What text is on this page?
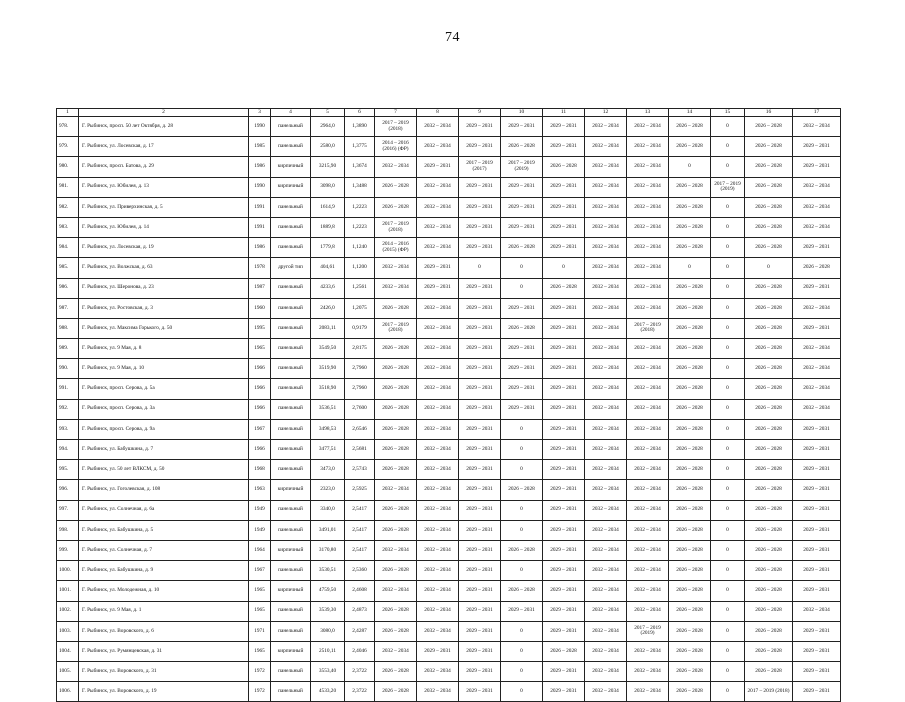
74
1	2	3	4	5	6	7	8	9	10	11	12	13	14	15	16	17
978.	Г. Рыбинск, просп. 50 лет Октября, д. 28	1990	панельный	2964,0	1,3890	2017 – 2019 (2018)	2032 – 2034	2029 – 2031	2029 – 2031	2029 – 2031	2032 – 2034	2032 – 2034	2026 – 2028	0	2026 – 2028	2032 – 2034
979.	Г. Рыбинск, ул. Лосевская, д. 17	1985	панельный	2580,0	1,3775	2014 – 2016 (2016) (ФР)	2032 – 2034	2029 – 2031	2026 – 2028	2029 – 2031	2032 – 2034	2032 – 2034	2026 – 2028	0	2026 – 2028	2029 – 2031
980.	Г. Рыбинск, просп. Батова, д. 29	1986	кирпичный	3215,90	1,3674	2032 – 2034	2029 – 2031	2017 – 2019 (2017)	2017 – 2019 (2019)	2026 – 2028	2032 – 2034	2032 – 2034	0	0	2026 – 2028	2029 – 2031
981.	Г. Рыбинск, ул. Юбилея, д. 13	1990	кирпичный	3098,0	1,3488	2026 – 2028	2032 – 2034	2029 – 2031	2029 – 2031	2029 – 2031	2032 – 2034	2032 – 2034	2026 – 2028	2017 – 2019 (2019)	2026 – 2028	2032 – 2034
982.	Г. Рыбинск, ул. Приверхинская, д. 5	1991	панельный	1614,9	1,2223	2026 – 2028	2032 – 2034	2029 – 2031	2029 – 2031	2029 – 2031	2032 – 2034	2032 – 2034	2026 – 2028	0	2026 – 2028	2032 – 2034
983.	Г. Рыбинск, ул. Юбилея, д. 14	1991	панельный	1889,8	1,2223	2017 – 2019 (2018)	2032 – 2034	2029 – 2031	2029 – 2031	2029 – 2031	2032 – 2034	2032 – 2034	2026 – 2028	0	2026 – 2028	2032 – 2034
984.	Г. Рыбинск, ул. Лосевская, д. 19	1986	панельный	1779,8	1,1240	2014 – 2016 (2015) (ФР)	2032 – 2034	2029 – 2031	2026 – 2028	2029 – 2031	2032 – 2034	2032 – 2034	2026 – 2028	0	2026 – 2028	2029 – 2031
985.	Г. Рыбинск, ул. Волжская, д. 63	1978	другой тип	404,61	1,1200	2032 – 2034	2029 – 2031	0	0	0	2032 – 2034	2032 – 2034	0	0	0	2026 – 2028
986.	Г. Рыбинск, ул. Шеронова, д. 23	1987	панельный	4233,6	1,2561	2032 – 2034	2029 – 2031	2029 – 2031	0	2026 – 2028	2032 – 2034	2032 – 2034	2026 – 2028	0	2026 – 2028	2029 – 2031
987.	Г. Рыбинск, ул. Ростовская, д. 3	1960	панельный	2426,0	1,2075	2026 – 2028	2032 – 2034	2029 – 2031	2029 – 2031	2029 – 2031	2032 – 2034	2032 – 2034	2026 – 2028	0	2026 – 2028	2032 – 2034
988.	Г. Рыбинск, ул. Максима Горького, д. 50	1995	панельный	2083,11	0,9179	2017 – 2019 (2018)	2032 – 2034	2029 – 2031	2026 – 2028	2029 – 2031	2032 – 2034	2017 – 2019 (2018)	2026 – 2028	0	2026 – 2028	2029 – 2031
989.	Г. Рыбинск, ул. 9 Мая, д. 8	1965	панельный	3549,50	2,8175	2026 – 2028	2032 – 2034	2029 – 2031	2029 – 2031	2029 – 2031	2032 – 2034	2032 – 2034	2026 – 2028	0	2026 – 2028	2032 – 2034
990.	Г. Рыбинск, ул. 9 Мая, д. 10	1966	панельный	3519,90	2,7960	2026 – 2028	2032 – 2034	2029 – 2031	2029 – 2031	2029 – 2031	2032 – 2034	2032 – 2034	2026 – 2028	0	2026 – 2028	2032 – 2034
991.	Г. Рыбинск, просп. Серова, д. 5а	1966	панельный	3518,90	2,7960	2026 – 2028	2032 – 2034	2029 – 2031	2029 – 2031	2029 – 2031	2032 – 2034	2032 – 2034	2026 – 2028	0	2026 – 2028	2032 – 2034
992.	Г. Рыбинск, просп. Серова, д. 3а	1966	панельный	3536,51	2,7600	2026 – 2028	2032 – 2034	2029 – 2031	2029 – 2031	2029 – 2031	2032 – 2034	2032 – 2034	2026 – 2028	0	2026 – 2028	2032 – 2034
993.	Г. Рыбинск, просп. Серова, д. 9а	1967	панельный	3498,53	2,6546	2026 – 2028	2032 – 2034	2029 – 2031	0	2029 – 2031	2032 – 2034	2032 – 2034	2026 – 2028	0	2026 – 2028	2029 – 2031
994.	Г. Рыбинск, ул. Бабушкина, д. 7	1966	панельный	3477,51	2,5681	2026 – 2028	2032 – 2034	2029 – 2031	0	2029 – 2031	2032 – 2034	2032 – 2034	2026 – 2028	0	2026 – 2028	2029 – 2031
995.	Г. Рыбинск, ул. 50 лет ВЛКСМ, д. 50	1968	панельный	3473,0	2,5743	2026 – 2028	2032 – 2034	2029 – 2031	0	2029 – 2031	2032 – 2034	2032 – 2034	2026 – 2028	0	2026 – 2028	2029 – 2031
996.	Г. Рыбинск, ул. Гоголевская, д. 108	1963	кирпичный	2323,0	2,5925	2032 – 2034	2032 – 2034	2029 – 2031	2026 – 2028	2029 – 2031	2032 – 2034	2032 – 2034	2026 – 2028	0	2026 – 2028	2029 – 2031
997.	Г. Рыбинск, ул. Солнечная, д. 6а	1949	панельный	3340,0	2,5417	2026 – 2028	2032 – 2034	2029 – 2031	0	2029 – 2031	2032 – 2034	2032 – 2034	2026 – 2028	0	2026 – 2028	2029 – 2031
998.	Г. Рыбинск, ул. Бабушкина, д. 5	1949	панельный	3491,01	2,5417	2026 – 2028	2032 – 2034	2029 – 2031	0	2029 – 2031	2032 – 2034	2032 – 2034	2026 – 2028	0	2026 – 2028	2029 – 2031
999.	Г. Рыбинск, ул. Солнечная, д. 7	1964	кирпичный	3170,80	2,5417	2032 – 2034	2032 – 2034	2029 – 2031	2026 – 2028	2029 – 2031	2032 – 2034	2032 – 2034	2026 – 2028	0	2026 – 2028	2029 – 2031
1000.	Г. Рыбинск, ул. Бабушкина, д. 9	1967	панельный	3530,51	2,5360	2026 – 2028	2032 – 2034	2029 – 2031	0	2029 – 2031	2032 – 2034	2032 – 2034	2026 – 2028	0	2026 – 2028	2029 – 2031
1001.	Г. Рыбинск, ул. Молодежная, д. 10	1965	кирпичный	4759,50	2,4608	2032 – 2034	2032 – 2034	2029 – 2031	2026 – 2028	2029 – 2031	2032 – 2034	2032 – 2034	2026 – 2028	0	2026 – 2028	2029 – 2031
1002.	Г. Рыбинск, ул. 9 Мая, д. 1	1965	панельный	3539,30	2,4873	2026 – 2028	2032 – 2034	2029 – 2031	2029 – 2031	2029 – 2031	2032 – 2034	2032 – 2034	2026 – 2028	0	2026 – 2028	2032 – 2034
1003.	Г. Рыбинск, ул. Воровского, д. 6	1971	панельный	3080,0	2,4287	2026 – 2028	2032 – 2034	2029 – 2031	0	2029 – 2031	2032 – 2034	2017 – 2019 (2019)	2026 – 2028	0	2026 – 2028	2029 – 2031
1004.	Г. Рыбинск, ул. Румянцевская, д. 31	1965	кирпичный	2510,11	2,4046	2032 – 2034	2029 – 2031	2029 – 2031	0	2026 – 2028	2032 – 2034	2032 – 2034	2026 – 2028	0	2026 – 2028	2029 – 2031
1005.	Г. Рыбинск, ул. Воровского, д. 31	1972	панельный	3553,40	2,3722	2026 – 2028	2032 – 2034	2029 – 2031	0	2029 – 2031	2032 – 2034	2032 – 2034	2026 – 2028	0	2026 – 2028	2029 – 2031
1006.	Г. Рыбинск, ул. Воровского, д. 19	1972	панельный	4533,20	2,3722	2026 – 2028	2032 – 2034	2029 – 2031	0	2029 – 2031	2032 – 2034	2032 – 2034	2026 – 2028	0	2017 – 2019 (2018)	2029 – 2031
